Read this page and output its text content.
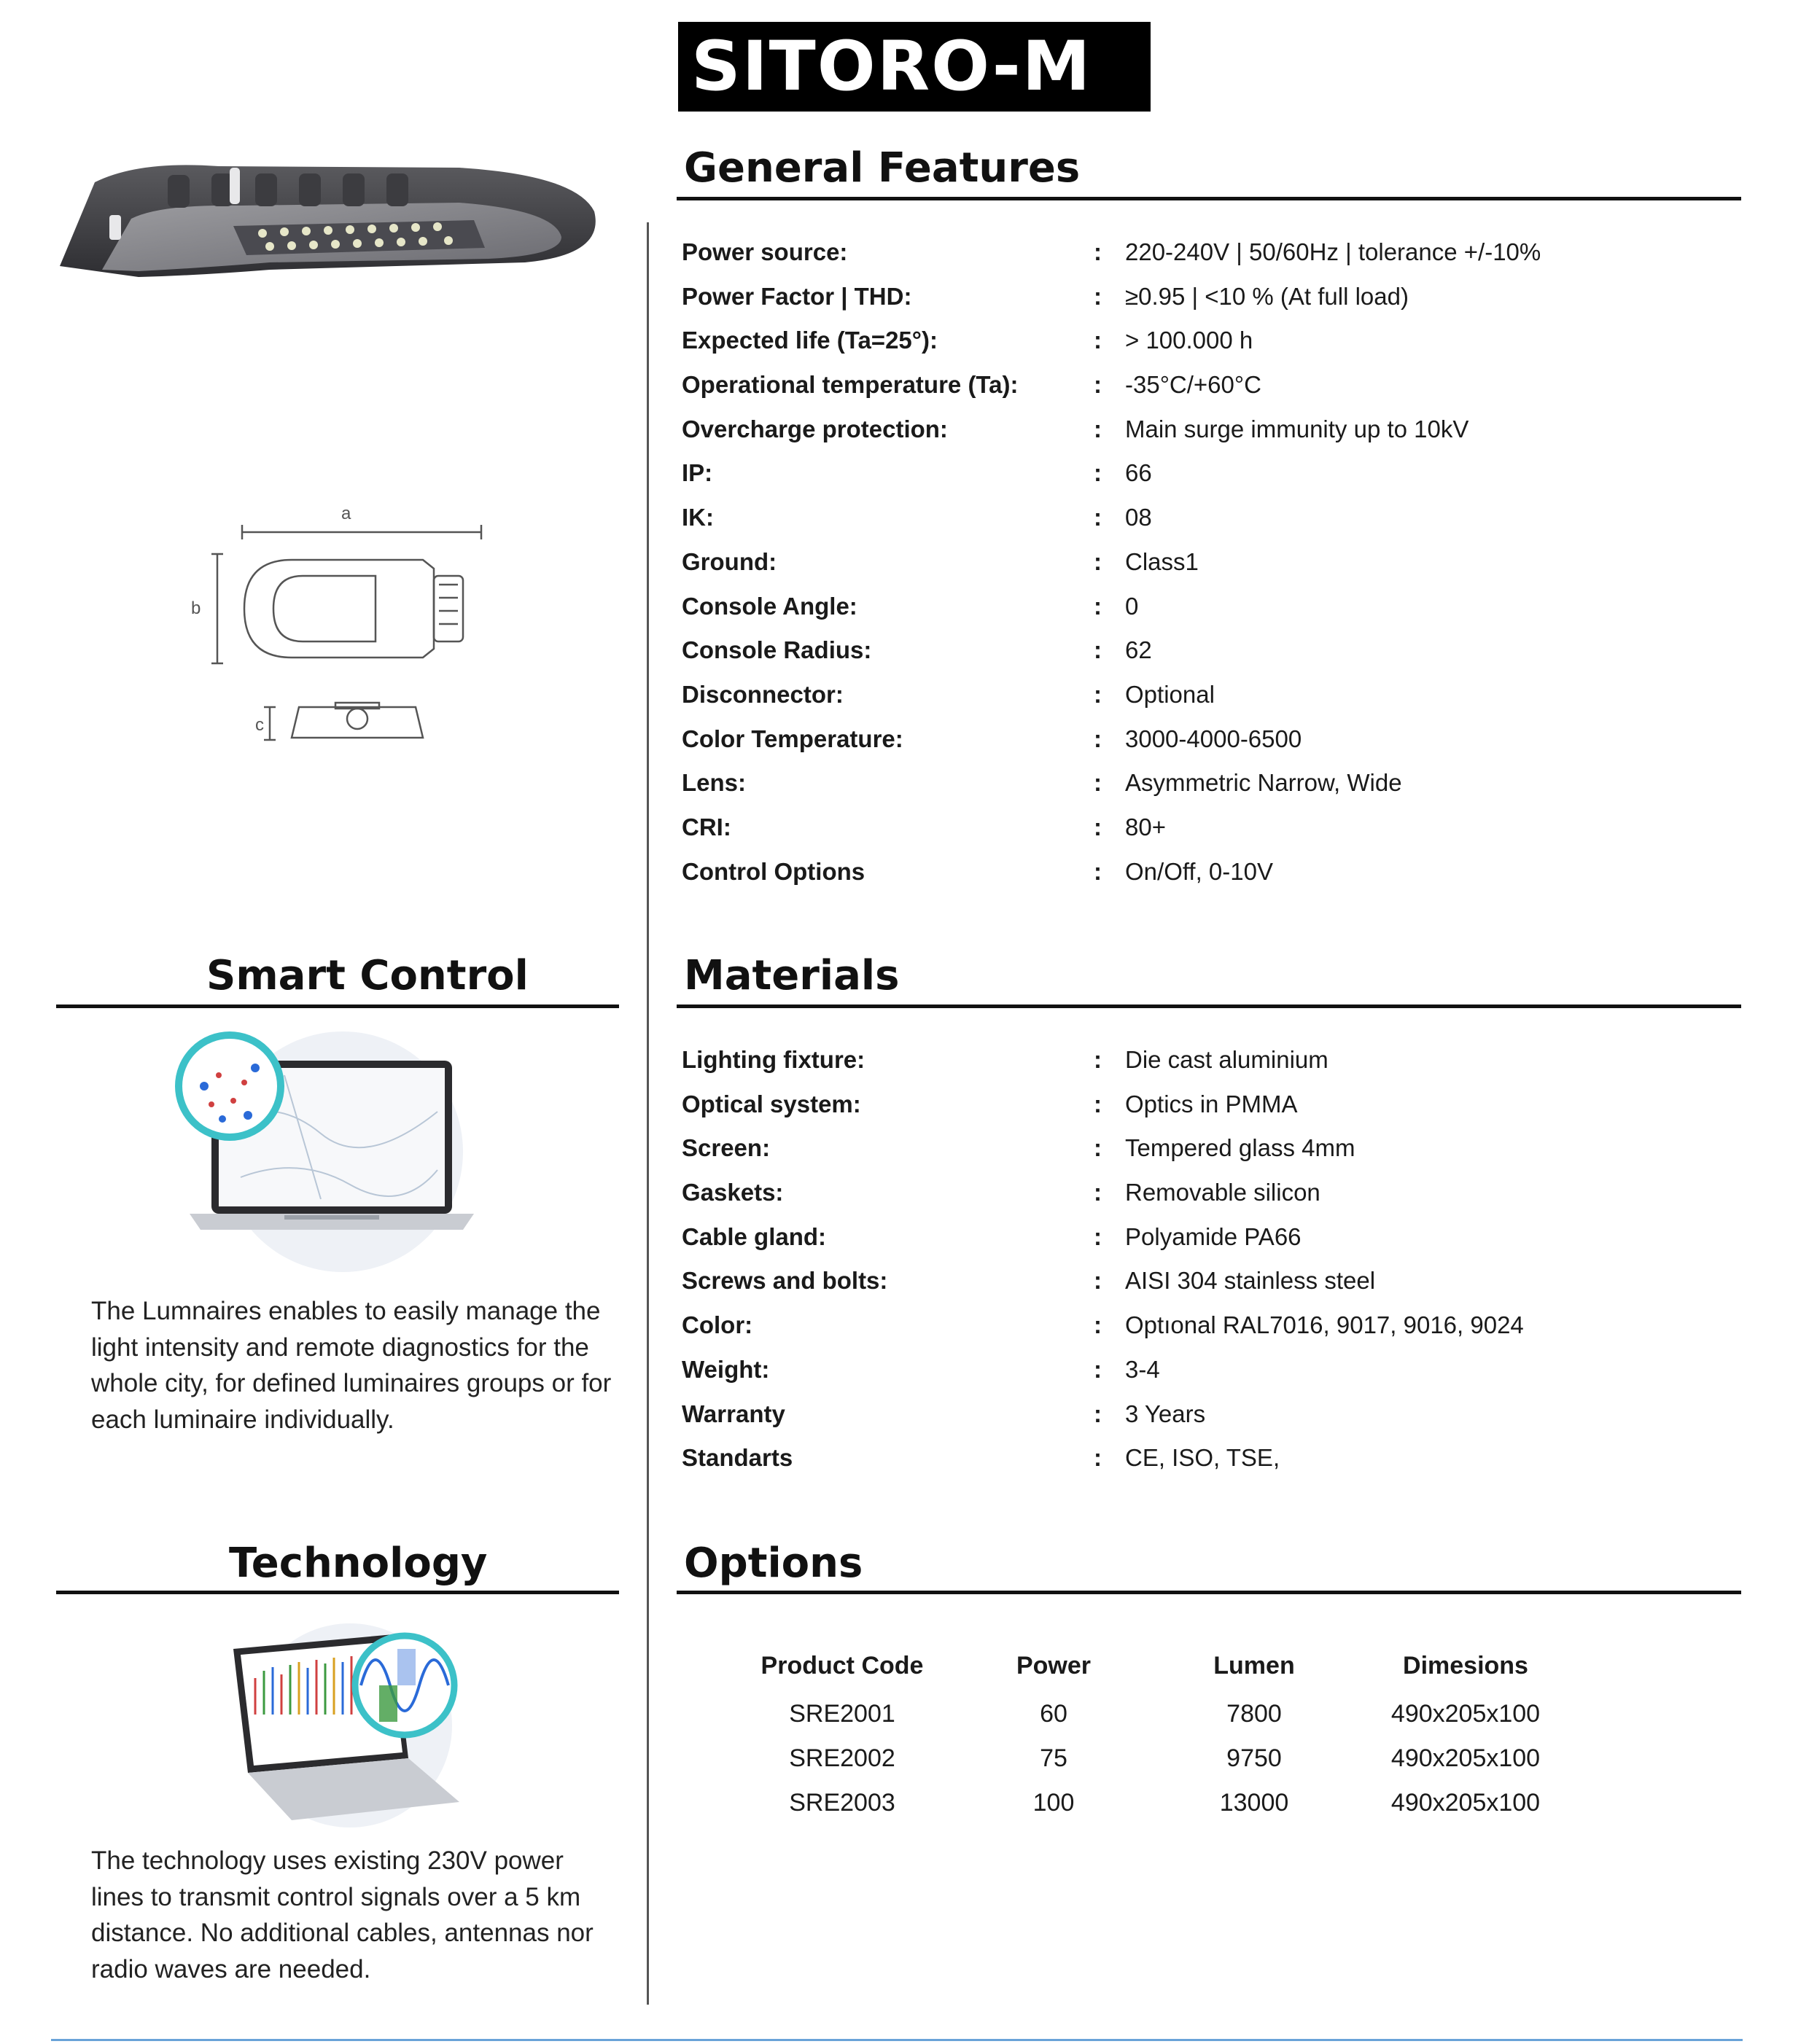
SITORO-M
a
b
c
General Features
Power source:	: 220-240V | 50/60Hz | tolerance +/-10%
Power Factor | THD:	: ≥0.95 | <10 % (At full load)
Expected life (Ta=25°):	: > 100.000 h
Operational temperature (Ta):	: -35°C/+60°C
Overcharge protection:	: Main surge immunity up to 10kV
IP:	: 66
IK:	: 08
Ground:	: Class1
Console Angle:	: 0
Console Radius:	: 62
Disconnector:	: Optional
Color Temperature:	: 3000-4000-6500
Lens:	: Asymmetric Narrow, Wide
CRI:	: 80+
Control Options	: On/Off, 0-10V
Smart Control
The Lumnaires enables to easily manage the light intensity and remote diagnostics for the whole city, for defined luminaires groups or for each luminaire individually.
Technology
The technology uses existing 230V power lines to transmit control signals over a 5 km distance. No additional cables, antennas nor radio waves are needed.
Materials
Lighting fixture:	: Die cast aluminium
Optical system:	: Optics in PMMA
Screen:	: Tempered glass 4mm
Gaskets:	: Removable silicon
Cable gland:	: Polyamide PA66
Screws and bolts:	: AISI 304 stainless steel
Color:	: Optıonal RAL7016, 9017, 9016, 9024
Weight:	: 3-4
Warranty	: 3 Years
Standarts	: CE, ISO, TSE,
Options
Product Code	Power	Lumen	Dimesions
SRE2001	60	7800	490x205x100
SRE2002	75	9750	490x205x100
SRE2003	100	13000	490x205x100
